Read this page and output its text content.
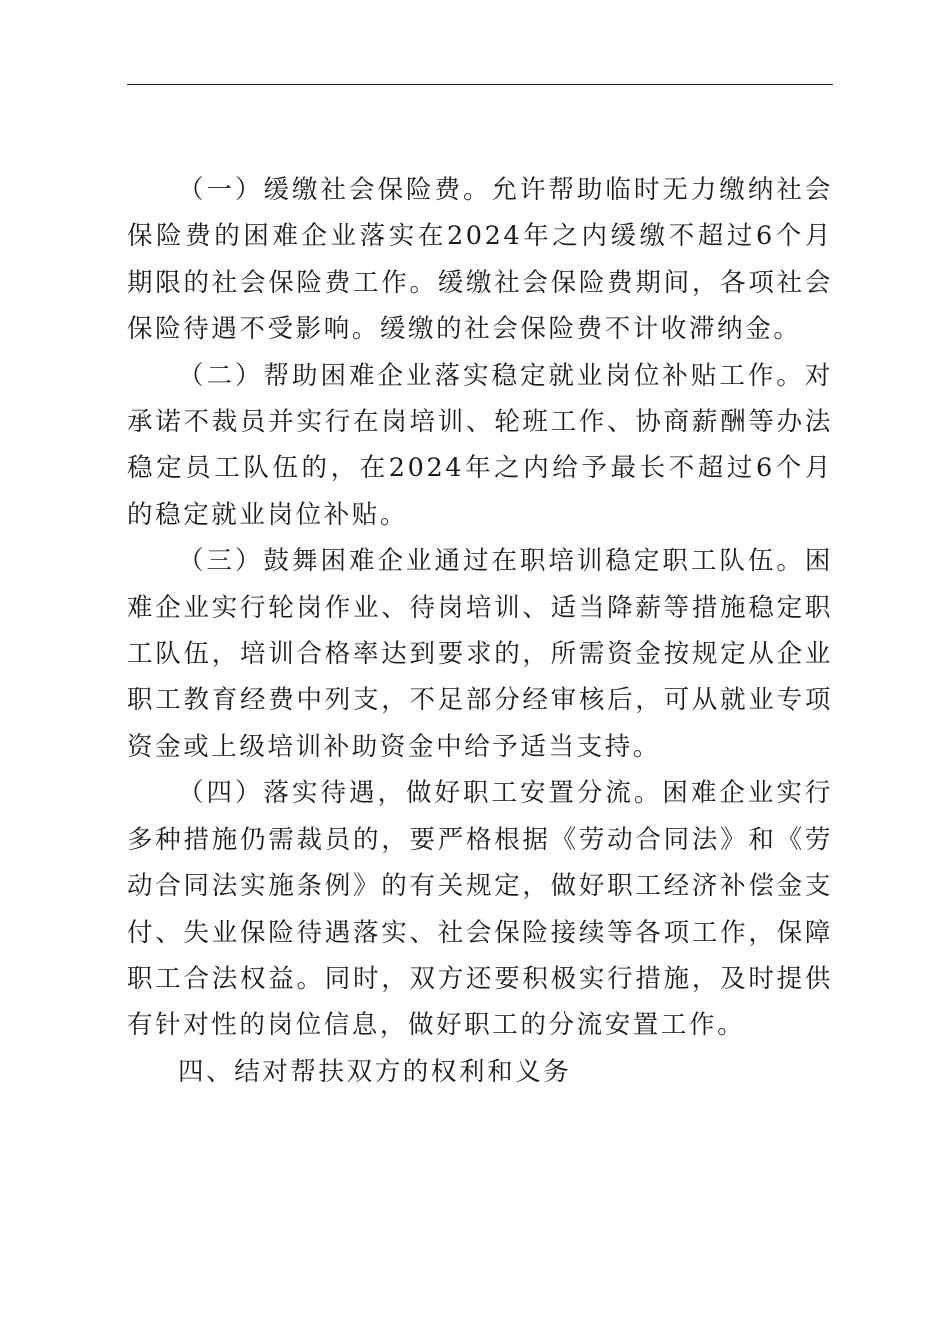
（一）缓缴社会保险费。允许帮助临时无力缴纳社会保险费的困难企业落实在2024年之内缓缴不超过6个月期限的社会保险费工作。缓缴社会保险费期间，各项社会保险待遇不受影响。缓缴的社会保险费不计收滞纳金。

（二）帮助困难企业落实稳定就业岗位补贴工作。对承诺不裁员并实行在岗培训、轮班工作、协商薪酬等办法稳定员工队伍的，在2024年之内给予最长不超过6个月的稳定就业岗位补贴。

（三）鼓舞困难企业通过在职培训稳定职工队伍。困难企业实行轮岗作业、待岗培训、适当降薪等措施稳定职工队伍，培训合格率达到要求的，所需资金按规定从企业职工教育经费中列支，不足部分经审核后，可从就业专项资金或上级培训补助资金中给予适当支持。

（四）落实待遇，做好职工安置分流。困难企业实行多种措施仍需裁员的，要严格根据《劳动合同法》和《劳动合同法实施条例》的有关规定，做好职工经济补偿金支付、失业保险待遇落实、社会保险接续等各项工作，保障职工合法权益。同时，双方还要积极实行措施，及时提供有针对性的岗位信息，做好职工的分流安置工作。

四、结对帮扶双方的权利和义务
